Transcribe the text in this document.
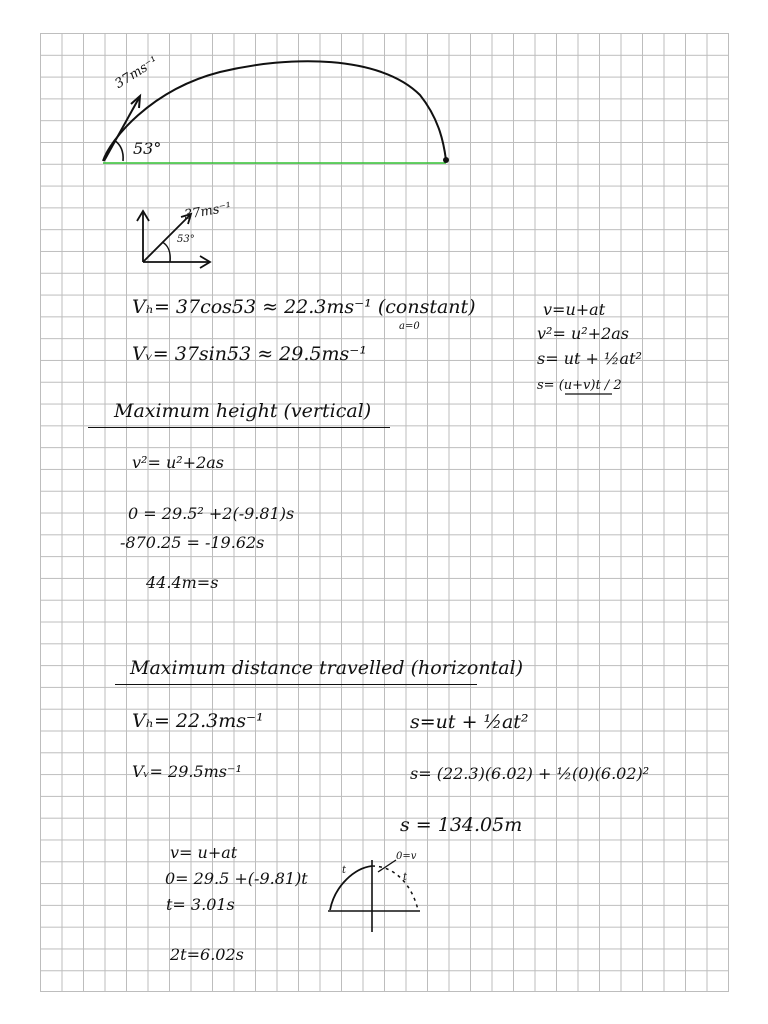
37ms⁻¹
53°
37ms⁻¹
53°
Vₕ= 37cos53 ≈ 22.3ms⁻¹ (constant)
a=0
Vᵥ= 37sin53 ≈ 29.5ms⁻¹
v=u+at
v²= u²+2as
s= ut + ½at²
s= (u+v)t / 2
Maximum height (vertical)
v²= u²+2as
0 = 29.5² +2(-9.81)s
-870.25 = -19.62s
44.4m=s
Maximum distance travelled (horizontal)
Vₕ= 22.3ms⁻¹
Vᵥ= 29.5ms⁻¹
s=ut + ½at²
s= (22.3)(6.02) + ½(0)(6.02)²
s = 134.05m
v= u+at
0= 29.5 +(-9.81)t
t= 3.01s
2t=6.02s
0=v
t
t
